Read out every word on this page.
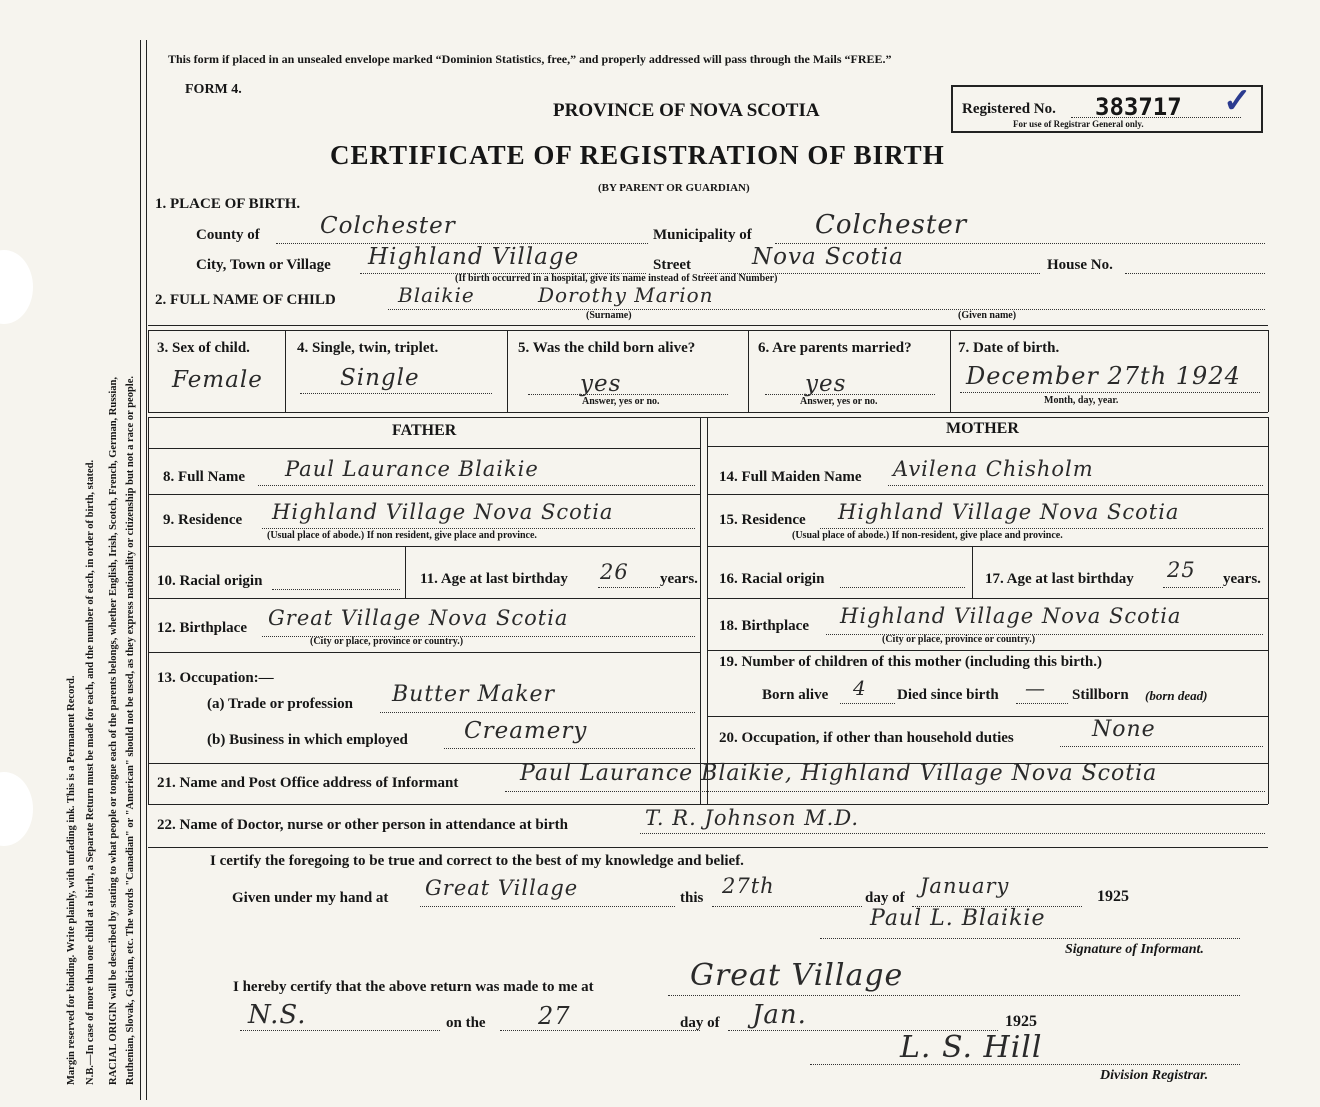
Margin reserved for binding. Write plainly, with unfading ink. This is a Permanent Record. N.B.—In case of more than one child at a birth, a Separate Return must be made for each, and the number of each, in order of birth, stated. RACIAL ORIGIN will be described by stating to what people or tongue each of the parents belongs, whether English, Irish, Scotch, French, German, Russian, Ruthenian, Slovak, Galician, etc. The words "Canadian" or "American" should not be used, as they express nationality or citizenship but not a race or people.
This form if placed in an unsealed envelope marked “Dominion Statistics, free,” and properly addressed will pass through the Mails “FREE.”
FORM 4.
PROVINCE OF NOVA SCOTIA
CERTIFICATE OF REGISTRATION OF BIRTH
(BY PARENT OR GUARDIAN)
Registered No. 383717 ✓
For use of Registrar General only.
1. PLACE OF BIRTH.
County of	Colchester	Municipality of Colchester
City, Town or Village Highland Village	Street	Nova Scotia	House No.
(If birth occurred in a hospital, give its name instead of Street and Number)
2. FULL NAME OF CHILD	Blaikie	Dorothy Marion
(Surname)	(Given name)
3. Sex of child.
Female
4. Single, twin, triplet.
Single
5. Was the child born alive?
yes
Answer, yes or no.
6. Are parents married?
yes
Answer, yes or no.
7. Date of birth.
December 27th 1924
Month, day, year.
FATHER	MOTHER
8. Full Name Paul Laurance Blaikie
9. Residence Highland Village Nova Scotia
(Usual place of abode.) If non resident, give place and province.
10. Racial origin	11. Age at last birthday 26 years.
12. Birthplace Great Village Nova Scotia
(City or place, province or country.)
13. Occupation:—
(a) Trade or profession Butter Maker
(b) Business in which employed Creamery
14. Full Maiden Name Avilena Chisholm
15. Residence Highland Village Nova Scotia
(Usual place of abode.) If non-resident, give place and province.
16. Racial origin	17. Age at last birthday 25 years.
18. Birthplace Highland Village Nova Scotia
(City or place, province or country.)
19. Number of children of this mother (including this birth.)
Born alive 4 Died since birth — Stillborn (born dead)
20. Occupation, if other than household duties	None
21. Name and Post Office address of Informant	Paul Laurance Blaikie, Highland Village Nova Scotia
22. Name of Doctor, nurse or other person in attendance at birth	T. R. Johnson M.D.
I certify the foregoing to be true and correct to the best of my knowledge and belief.
Given under my hand at Great Village	this 27th	day of January	1925
Paul L. Blaikie
Signature of Informant.
I hereby certify that the above return was made to me at	Great Village
N.S.	on the 27	day of Jan.	1925
L. S. Hill
Division Registrar.
